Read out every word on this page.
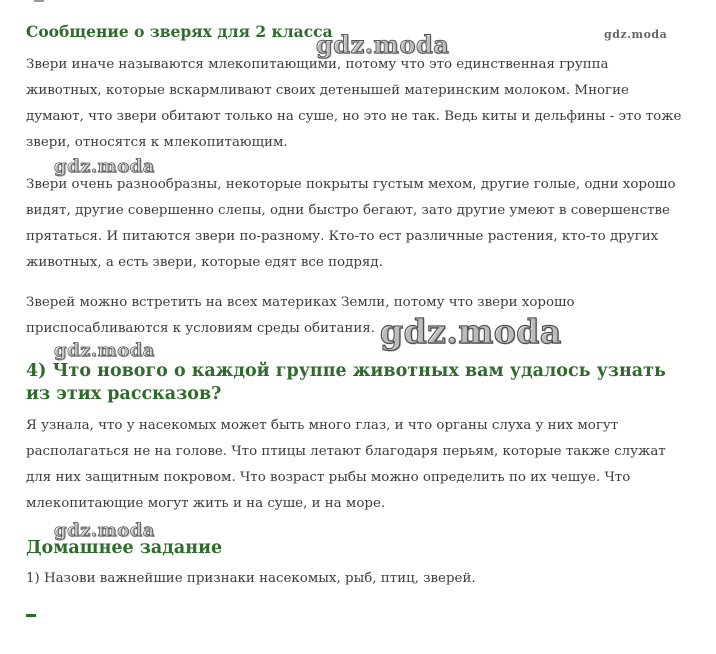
Сообщение о зверях для 2 класса
gdz.moda	gdz.moda

Звери иначе называются млекопитающими, потому что это единственная группа животных, которые вскармливают своих детенышей материнским молоком. Многие думают, что звери обитают только на суше, но это не так. Ведь киты и дельфины - это тоже звери, относятся к млекопитающим.

gdz.moda

Звери очень разнообразны, некоторые покрыты густым мехом, другие голые, одни хорошо видят, другие совершенно слепы, одни быстро бегают, зато другие умеют в совершенстве прятаться. И питаются звери по-разному. Кто-то ест различные растения, кто-то других животных, а есть звери, которые едят все подряд.

Зверей можно встретить на всех материках Земли, потому что звери хорошо приспосабливаются к условиям среды обитания. gdz.moda
gdz.moda
4) Что нового о каждой группе животных вам удалось узнать из этих рассказов?

Я узнала, что у насекомых может быть много глаз, и что органы слуха у них могут располагаться не на голове. Что птицы летают благодаря перьям, которые также служат для них защитным покровом. Что возраст рыбы можно определить по их чешуе. Что млекопитающие могут жить и на суше, и на море.

gdz.moda
Домашнее задание

1) Назови важнейшие признаки насекомых, рыб, птиц, зверей.
